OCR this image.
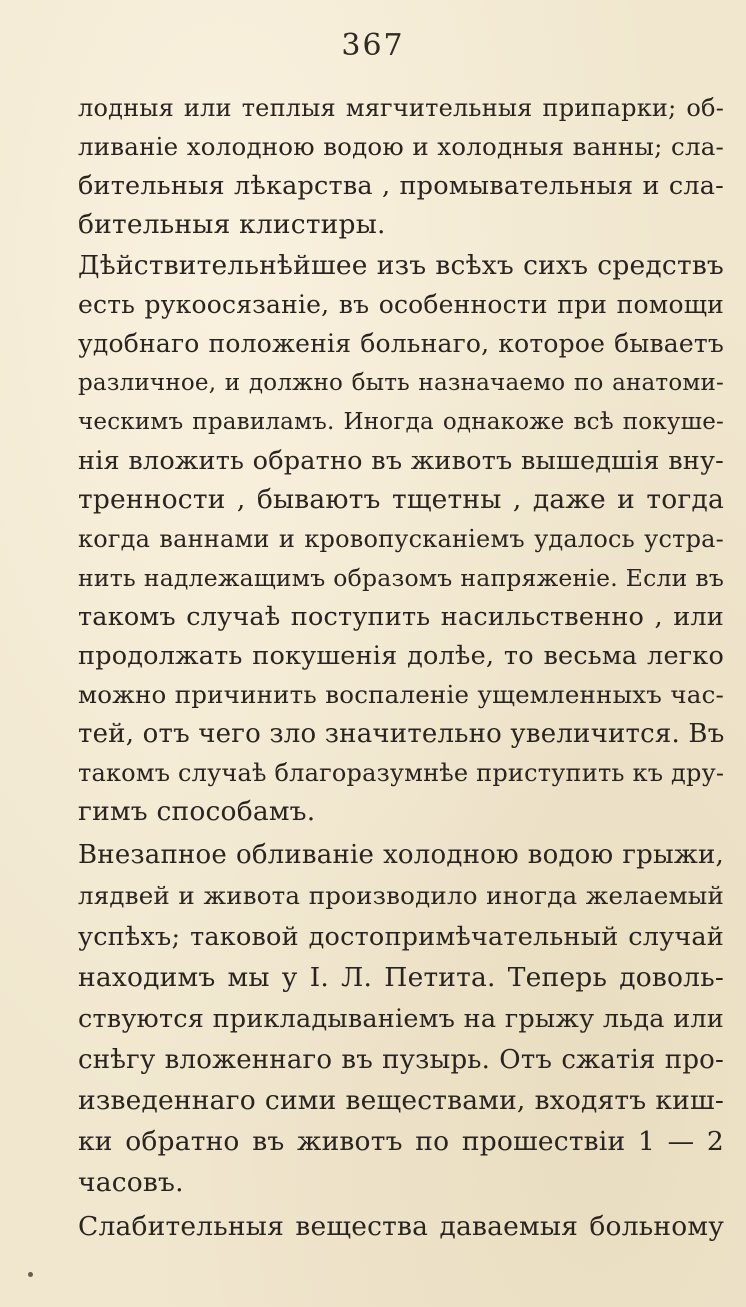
367
лодныя или теплыя мягчительныя припарки; об-
ливаніе холодною водою и холодныя ванны; сла-
бительныя лѣкарства , промывательныя и сла-
бительныя клистиры.
Дѣйствительнѣйшее изъ всѣхъ сихъ средствъ
есть рукоосязаніе, въ особенности при помощи
удобнаго положенія больнаго, которое бываетъ
различное, и должно быть назначаемо по анатоми-
ческимъ правиламъ. Иногда однакоже всѣ покуше-
нія вложить обратно въ животъ вышедшія вну-
тренности , бываютъ тщетны , даже и тогда
когда ваннами и кровопусканіемъ удалось устра-
нить надлежащимъ образомъ напряженіе. Если въ
такомъ случаѣ поступить насильственно , или
продолжать покушенія долѣе, то весьма легко
можно причинить воспаленіе ущемленныхъ час-
тей, отъ чего зло значительно увеличится. Въ
такомъ случаѣ благоразумнѣе приступить къ дру-
гимъ способамъ.
Внезапное обливаніе холодною водою грыжи,
лядвей и живота производило иногда желаемый
успѣхъ; таковой достопримѣчательный случай
находимъ мы у І. Л. Петита. Теперь доволь-
ствуются прикладываніемъ на грыжу льда или
снѣгу вложеннаго въ пузырь. Отъ сжатія про-
изведеннаго сими веществами, входятъ киш-
ки обратно въ животъ по прошествіи 1 — 2
часовъ.
Слабительныя вещества даваемыя больному
